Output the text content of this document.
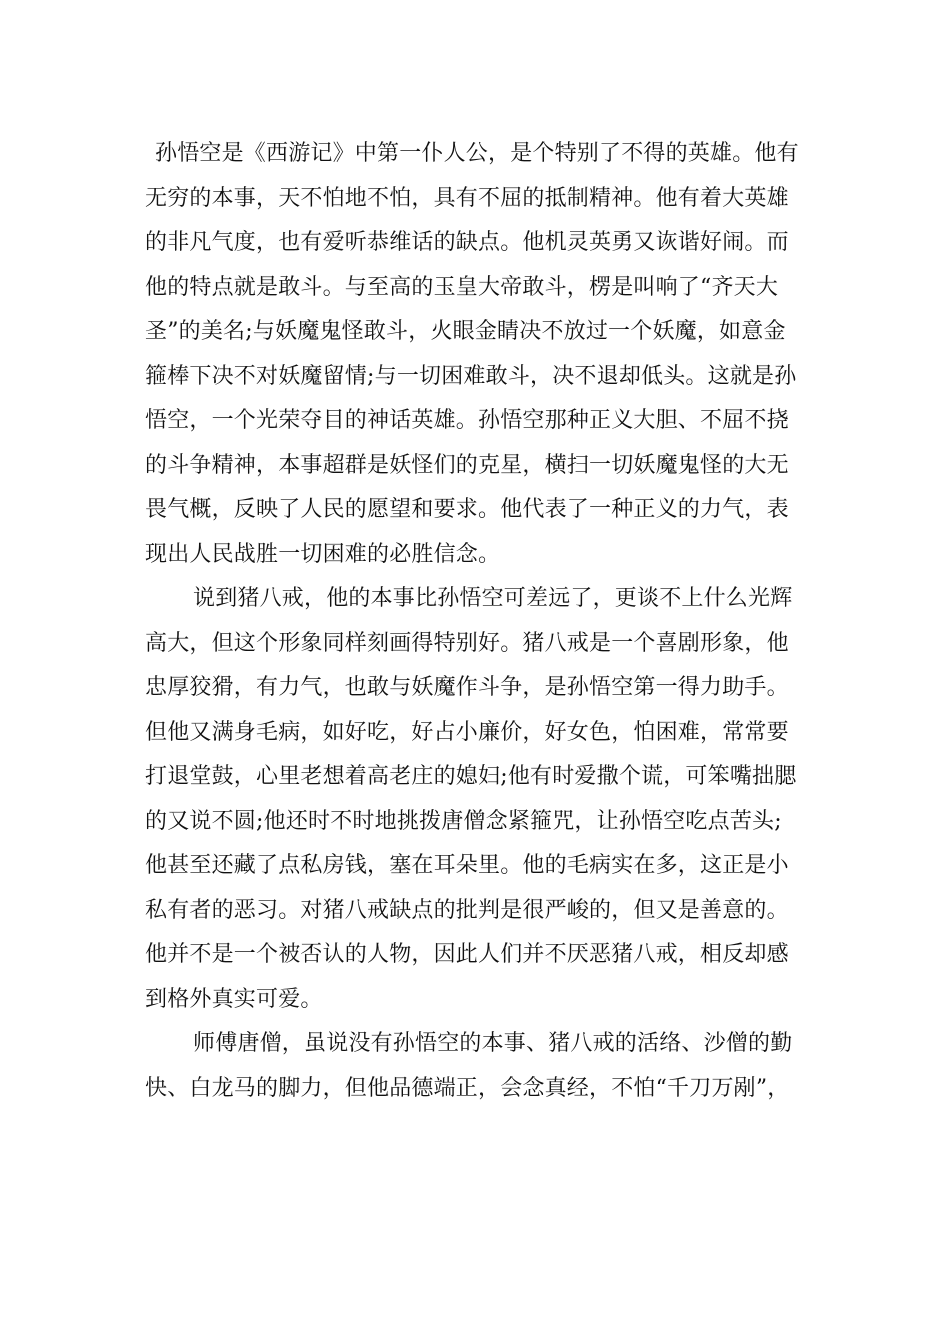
孙悟空是《西游记》中第一仆人公，是个特别了不得的英雄。他有
无穷的本事，天不怕地不怕，具有不屈的抵制精神。他有着大英雄
的非凡气度，也有爱听恭维话的缺点。他机灵英勇又诙谐好闹。而
他的特点就是敢斗。与至高的玉皇大帝敢斗，楞是叫响了“齐天大
圣”的美名;与妖魔鬼怪敢斗，火眼金睛决不放过一个妖魔，如意金
箍棒下决不对妖魔留情;与一切困难敢斗，决不退却低头。这就是孙
悟空，一个光荣夺目的神话英雄。孙悟空那种正义大胆、不屈不挠
的斗争精神，本事超群是妖怪们的克星，横扫一切妖魔鬼怪的大无
畏气概，反映了人民的愿望和要求。他代表了一种正义的力气，表
现出人民战胜一切困难的必胜信念。
说到猪八戒，他的本事比孙悟空可差远了，更谈不上什么光辉
高大，但这个形象同样刻画得特别好。猪八戒是一个喜剧形象，他
忠厚狡猾，有力气，也敢与妖魔作斗争，是孙悟空第一得力助手。
但他又满身毛病，如好吃，好占小廉价，好女色，怕困难，常常要
打退堂鼓，心里老想着高老庄的媳妇;他有时爱撒个谎，可笨嘴拙腮
的又说不圆;他还时不时地挑拨唐僧念紧箍咒，让孙悟空吃点苦头;
他甚至还藏了点私房钱，塞在耳朵里。他的毛病实在多，这正是小
私有者的恶习。对猪八戒缺点的批判是很严峻的，但又是善意的。
他并不是一个被否认的人物，因此人们并不厌恶猪八戒，相反却感
到格外真实可爱。
师傅唐僧，虽说没有孙悟空的本事、猪八戒的活络、沙僧的勤
快、白龙马的脚力，但他品德端正，会念真经，不怕“千刀万剐”，
